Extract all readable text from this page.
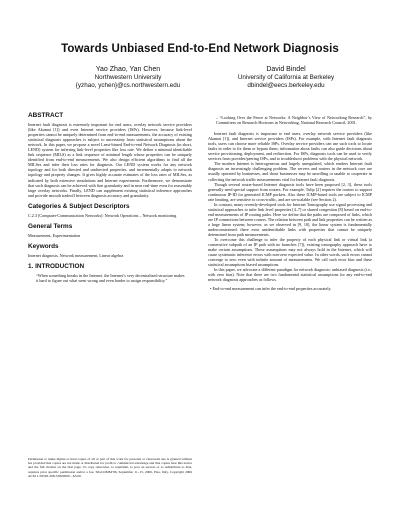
Towards Unbiased End-to-End Network Diagnosis
Yao Zhao, Yan Chen
Northwestern University
{yzhao, ychen}@cs.northwestern.edu
David Bindel
University of California at Berkeley
dbindel@eecs.berkeley.edu
ABSTRACT

Internet fault diagnosis is extremely important for end users, overlay network service providers (like Akamai [1]) and even Internet service providers (ISPs). However, because link-level properties cannot be uniquely determined from end-to-end measurements, the accuracy of existing statistical diagnosis approaches is subject to uncertainty from statistical assumptions about the network. In this paper, we propose a novel Least-biased End-to-end Network Diagnosis (in short, LEND) system for inferring link-level properties like loss rate. We define a minimal identifiable link sequence (MILS) as a link sequence of minimal length whose properties can be uniquely identified from end-to-end measurements. We also design efficient algorithms to find all the MILSes and infer their loss rates for diagnosis. Our LEND system works for any network topology and for both directed and undirected properties, and incrementally adapts to network topology and property changes. It gives highly accurate estimates of the loss rates of MILSes, as indicated by both extensive simulations and Internet experiments. Furthermore, we demonstrate that such diagnosis can be achieved with fine granularity and in near real-time even for reasonably large overlay networks. Finally, LEND can supplement existing statistical inference approaches and provide smooth tradeoff between diagnosis accuracy and granularity.

Categories & Subject Descriptors

C.2.3 [Computer-Communication Networks]: Network Operations – Network monitoring

General Terms

Measurement, Experimentation

Keywords

Internet diagnosis, Network measurement, Linear algebra

1. INTRODUCTION

“When something breaks in the Internet, the Internet’s very decentralized structure makes it hard to figure out what went wrong and even harder to assign responsibility.”

Permission to make digital or hard copies of all or part of this work for personal or classroom use is granted without fee provided that copies are not made or distributed for profit or commercial advantage and that copies bear this notice and the full citation on the first page. To copy otherwise, to republish, to post on servers or to redistribute to lists, requires prior specific permission and/or a fee. SIGCOMM’06, September 11–15, 2006, Pisa, Italy. Copyright 2006 ACM 1-59593-308-5/06/0009 ...$5.00.

– “Looking Over the Fence at Networks: A Neighbor’s View of Networking Research”, by Committees on Research Horizons in Networking, National Research Council, 2001.

Internet fault diagnosis is important to end users, overlay network service providers (like Akamai [1]), and Internet service providers (ISPs). For example, with Internet fault diagnosis tools, users can choose more reliable ISPs. Overlay service providers can use such tools to locate faults in order to fix them or bypass them; information about faults can also guide decisions about service provisioning, deployment, and redirection. For ISPs, diagnosis tools can be used to verify services from provider/peering ISPs, and to troubleshoot problems with the physical network.

The modern Internet is heterogeneous and largely unregulated, which renders Internet fault diagnosis an increasingly challenging problem. The servers and routers in the network core are usually operated by businesses, and those businesses may be unwilling or unable to cooperate in collecting the network traffic measurements vital for Internet fault diagnosis.

Though several router-based Internet diagnosis tools have been proposed [2, 3], these tools generally need special support from routers. For example, Tulip [2] requires the routers to support continuous IP-ID for generated ICMP packets. Also these ICMP-based tools are subject to ICMP rate limiting, are sensitive to cross-traffic, and are un-scalable (see Section 2).

In contrast, many recently-developed tools for Internet Tomography use signal processing and statistical approaches to infer link level properties [4–7] or shared congestion [8] based on end-to-end measurements of IP routing paths. Here we define that the paths are composed of links, which are IP connections between routers. The relation between path and link properties can be written as a large linear system; however, as we observed in [9, 10], the linear system is fundamentally underconstrained: there exist unidentifiable links with properties that cannot be uniquely determined from path measurements.

To overcome this challenge to infer the property of each physical link or virtual link (a consecutive subpath of an IP path with no branches [7]), existing tomography approach have to make certain assumptions. These assumptions may not always hold in the Internet, which will cause systematic inference errors with non-zero expected value. In other words, such errors cannot converge to zero even with infinite amount of measurements. We call such error bias and these statistical assumptions biased assumptions.

In this paper, we advocate a different paradigm for network diagnosis: unbiased diagnosis (i.e., with zero bias). Note that there are two fundamental statistical assumptions for any end-to-end network diagnosis approaches as follows.

• End-to-end measurement can infer the end-to-end properties accurately.
